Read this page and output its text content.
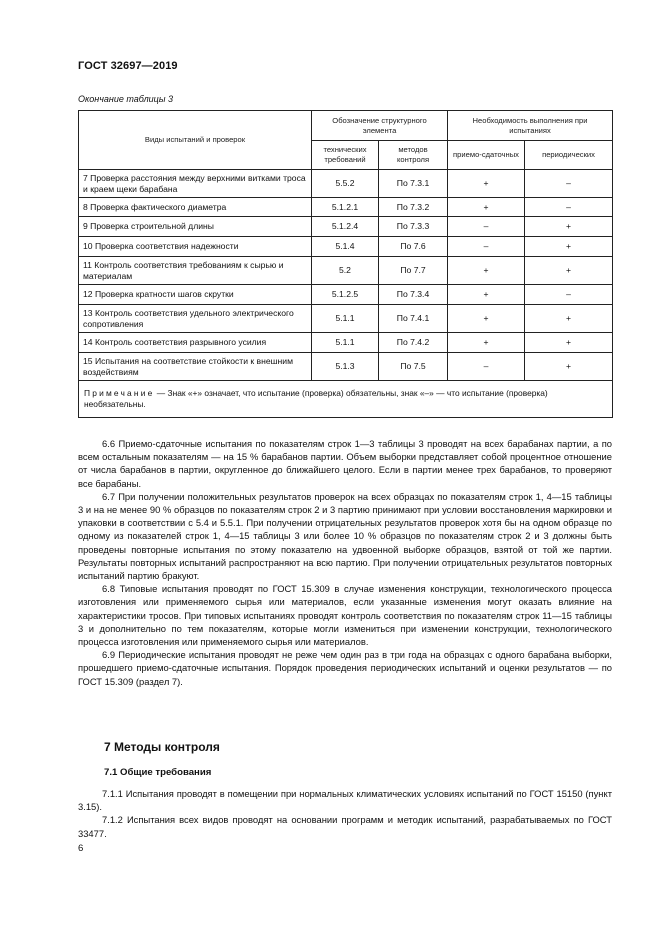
ГОСТ 32697—2019
Окончание таблицы 3
Виды испытаний и проверок	Обозначение структурного элемента		Необходимость выполнения при испытаниях	
	технических требований	методов контроля	приемо-сдаточных	периодических
7 Проверка расстояния между верхними витками троса и краем щеки барабана	5.5.2	По 7.3.1	+	–
8 Проверка фактического диаметра	5.1.2.1	По 7.3.2	+	–
9 Проверка строительной длины	5.1.2.4	По 7.3.3	–	+
10 Проверка соответствия надежности	5.1.4	По 7.6	–	+
11 Контроль соответствия требованиям к сырью и материалам	5.2	По 7.7	+	+
12 Проверка кратности шагов скрутки	5.1.2.5	По 7.3.4	+	–
13 Контроль соответствия удельного электрического сопротивления	5.1.1	По 7.4.1	+	+
14 Контроль соответствия разрывного усилия	5.1.1	По 7.4.2	+	+
15 Испытания на соответствие стойкости к внешним воздействиям	5.1.3	По 7.5	–	+
Примечание — Знак «+» означает, что испытание (проверка) обязательны, знак «–» — что испытание (проверка) необязательны.				

6.6 Приемо-сдаточные испытания по показателям строк 1—3 таблицы 3 проводят на всех барабанах партии, а по всем остальным показателям — на 15 % барабанов партии. Объем выборки представляет собой процентное отношение от числа барабанов в партии, округленное до ближайшего целого. Если в партии менее трех барабанов, то проверяют все барабаны.

6.7 При получении положительных результатов проверок на всех образцах по показателям строк 1, 4—15 таблицы 3 и на не менее 90 % образцов по показателям строк 2 и 3 партию принимают при условии восстановления маркировки и упаковки в соответствии с 5.4 и 5.5.1. При получении отрицательных результатов проверок хотя бы на одном образце по одному из показателей строк 1, 4—15 таблицы 3 или более 10 % образцов по показателям строк 2 и 3 должны быть проведены повторные испытания по этому показателю на удвоенной выборке образцов, взятой от той же партии. Результаты повторных испытаний распространяют на всю партию. При получении отрицательных результатов повторных испытаний партию бракуют.

6.8 Типовые испытания проводят по ГОСТ 15.309 в случае изменения конструкции, технологического процесса изготовления или применяемого сырья или материалов, если указанные изменения могут оказать влияние на характеристики тросов. При типовых испытаниях проводят контроль соответствия по показателям строк 11—15 таблицы 3 и дополнительно по тем показателям, которые могли измениться при изменении конструкции, технологического процесса изготовления или применяемого сырья или материалов.

6.9 Периодические испытания проводят не реже чем один раз в три года на образцах с одного барабана выборки, прошедшего приемо-сдаточные испытания. Порядок проведения периодических испытаний и оценки результатов — по ГОСТ 15.309 (раздел 7).

7 Методы контроля
7.1 Общие требования

7.1.1 Испытания проводят в помещении при нормальных климатических условиях испытаний по ГОСТ 15150 (пункт 3.15).

7.1.2 Испытания всех видов проводят на основании программ и методик испытаний, разрабатываемых по ГОСТ 33477.

6
